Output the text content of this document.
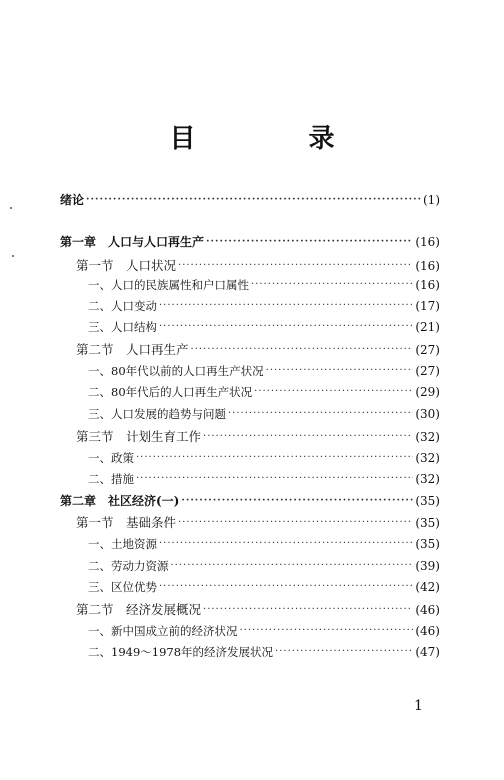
目 录
绪论 ·····	(1)
第一章　人口与人口再生产 ·····	(16)
第一节　人口状况 ·····	(16)
一、人口的民族属性和户口属性 ·····	(16)
二、人口变动 ·····	(17)
三、人口结构 ·····	(21)
第二节　人口再生产 ·····	(27)
一、80年代以前的人口再生产状况 ·····	(27)
二、80年代后的人口再生产状况 ·····	(29)
三、人口发展的趋势与问题 ·····	(30)
第三节　计划生育工作 ·····	(32)
一、政策 ·····	(32)
二、措施 ·····	(32)
第二章　社区经济(一) ·····	(35)
第一节　基础条件 ·····	(35)
一、土地资源 ·····	(35)
二、劳动力资源 ·····	(39)
三、区位优势 ·····	(42)
第二节　经济发展概况 ·····	(46)
一、新中国成立前的经济状况 ·····	(46)
二、1949～1978年的经济发展状况 ·····	(47)
1
